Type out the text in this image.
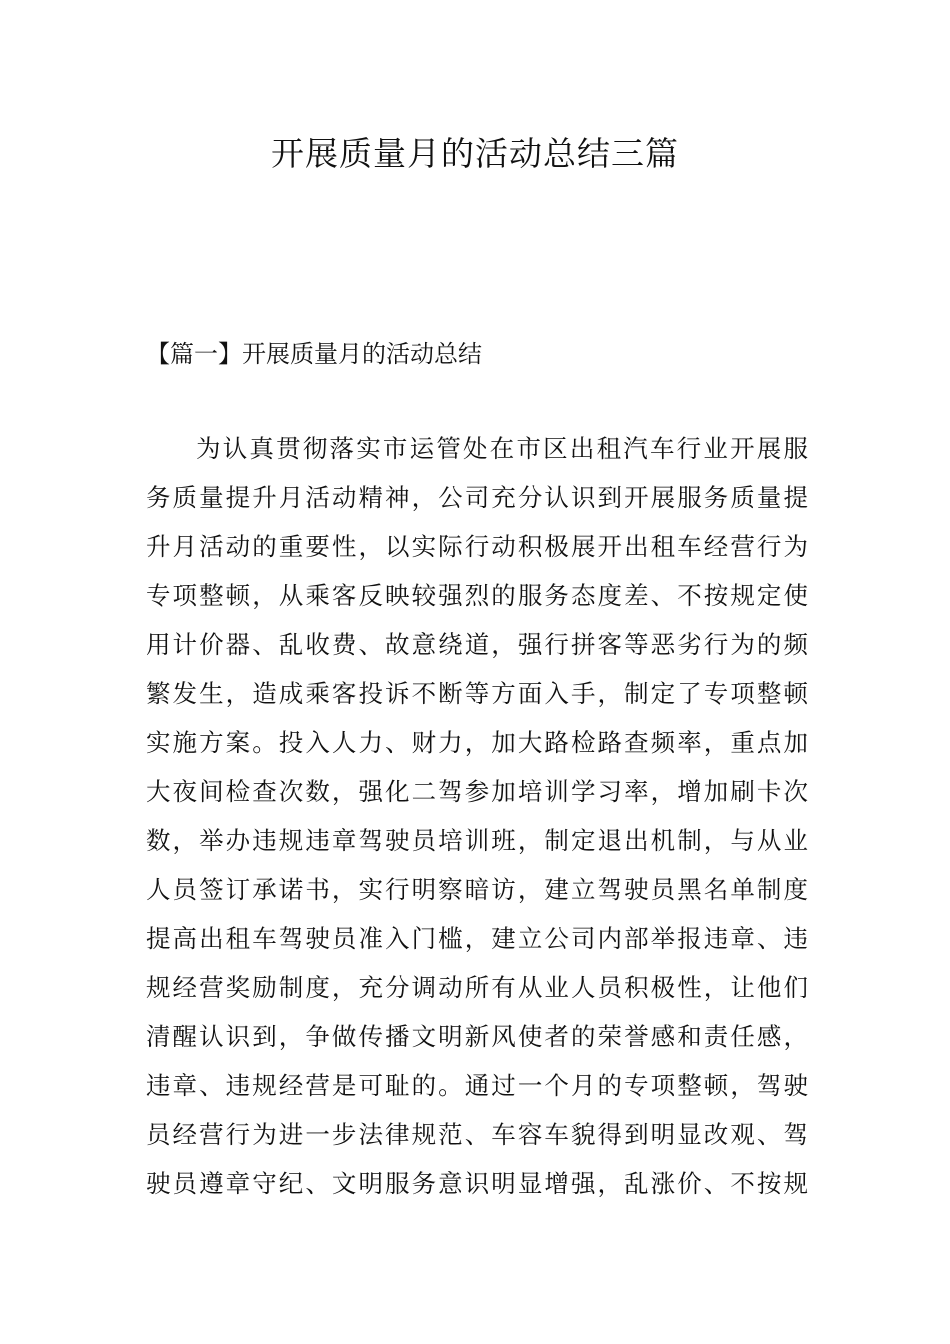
开展质量月的活动总结三篇
【篇一】开展质量月的活动总结
为认真贯彻落实市运管处在市区出租汽车行业开展服
务质量提升月活动精神，公司充分认识到开展服务质量提
升月活动的重要性，以实际行动积极展开出租车经营行为
专项整顿，从乘客反映较强烈的服务态度差、不按规定使
用计价器、乱收费、故意绕道，强行拼客等恶劣行为的频
繁发生，造成乘客投诉不断等方面入手，制定了专项整顿
实施方案。投入人力、财力，加大路检路查频率，重点加
大夜间检查次数，强化二驾参加培训学习率，增加刷卡次
数，举办违规违章驾驶员培训班，制定退出机制，与从业
人员签订承诺书，实行明察暗访，建立驾驶员黑名单制度
提高出租车驾驶员准入门槛，建立公司内部举报违章、违
规经营奖励制度，充分调动所有从业人员积极性，让他们
清醒认识到，争做传播文明新风使者的荣誉感和责任感，
违章、违规经营是可耻的。通过一个月的专项整顿，驾驶
员经营行为进一步法律规范、车容车貌得到明显改观、驾
驶员遵章守纪、文明服务意识明显增强，乱涨价、不按规
